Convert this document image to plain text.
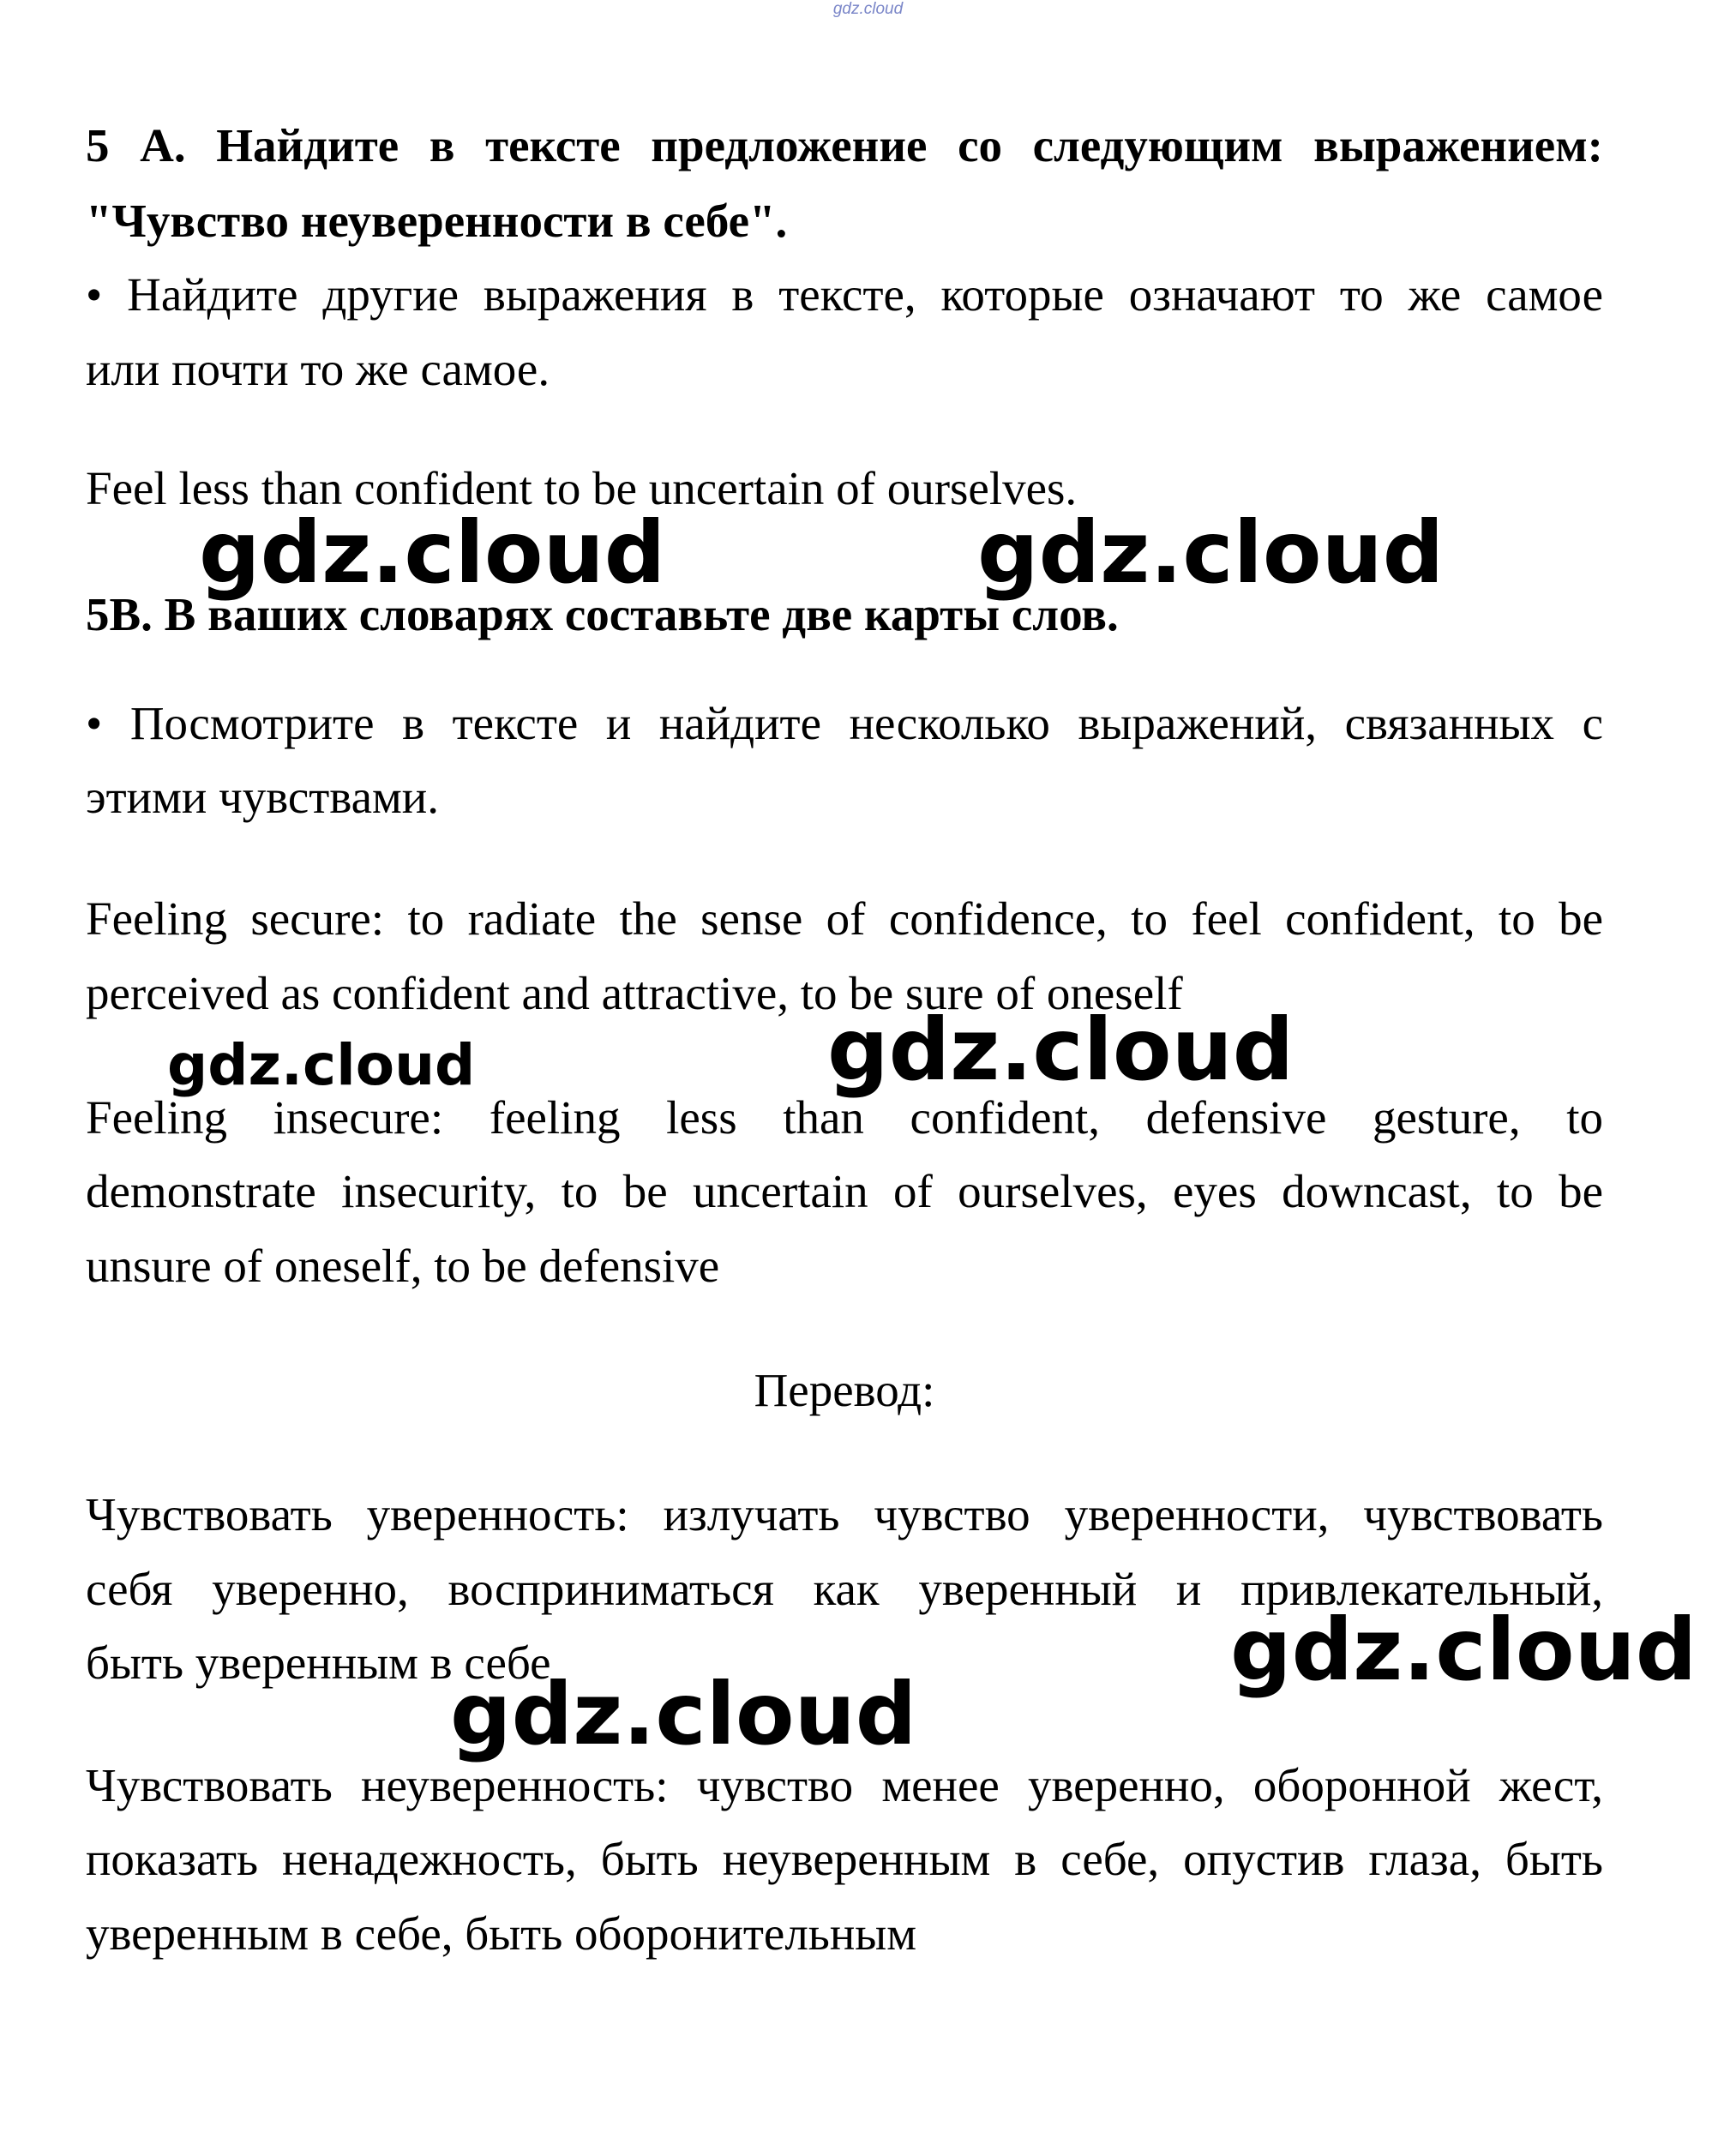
gdz.cloud
5 А. Найдите в тексте предложение со следующим выражением:
"Чувство неуверенности в себе".
• Найдите другие выражения в тексте, которые означают то же самое
или почти то же самое.
Feel less than confident to be uncertain of ourselves.
5B. В ваших словарях составьте две карты слов.
• Посмотрите в тексте и найдите несколько выражений, связанных с
этими чувствами.
Feeling secure: to radiate the sense of confidence, to feel confident, to be
perceived as confident and attractive, to be sure of oneself
Feeling insecure: feeling less than confident, defensive gesture, to
demonstrate insecurity, to be uncertain of ourselves, eyes downcast, to be
unsure of oneself, to be defensive
Перевод:
Чувствовать уверенность: излучать чувство уверенности, чувствовать
себя уверенно, восприниматься как уверенный и привлекательный,
быть уверенным в себе
Чувствовать неуверенность: чувство менее уверенно, оборонной жест,
показать ненадежность, быть неуверенным в себе, опустив глаза, быть
уверенным в себе, быть оборонительным
gdz.cloud	gdz.cloud
gdz.cloud	gdz.cloud
gdz.cloud
gdz.cloud
